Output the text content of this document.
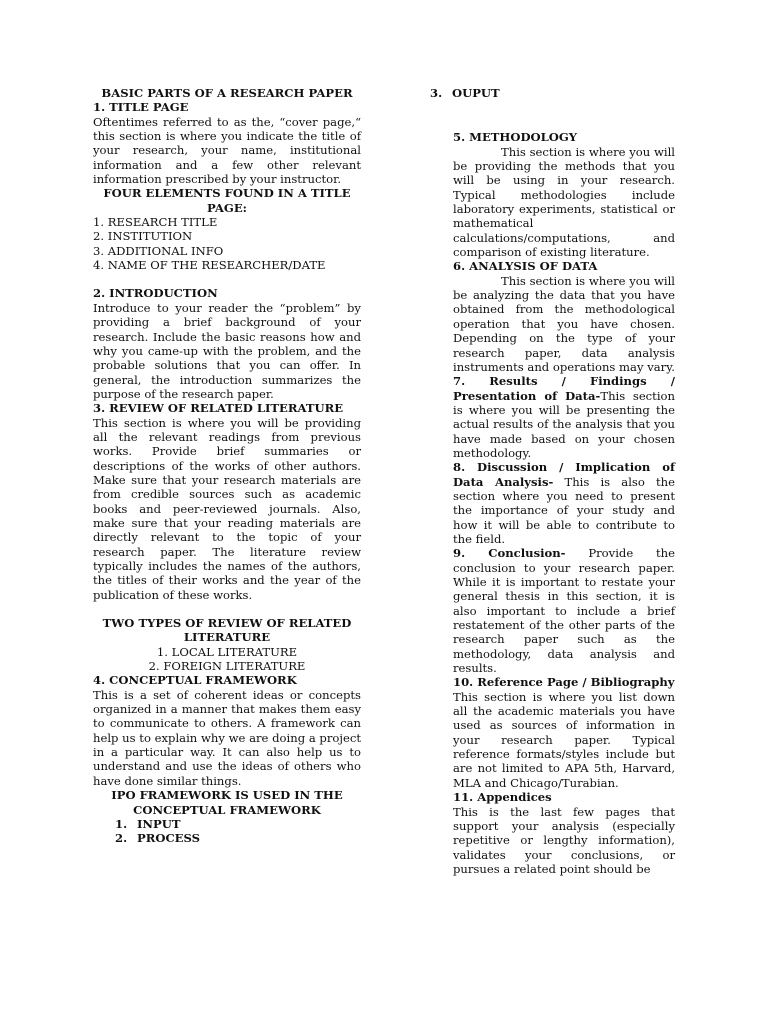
BASIC PARTS OF A RESEARCH PAPER

1. TITLE PAGE

Oftentimes referred to as the, “cover page,“ this section is where you indicate the title of your research, your name, institutional information and a few other relevant information prescribed by your instructor.

FOUR ELEMENTS FOUND IN A TITLE PAGE:

1. RESEARCH TITLE

2. INSTITUTION

3. ADDITIONAL INFO

4. NAME OF THE RESEARCHER/DATE

2. INTRODUCTION

Introduce to your reader the “problem” by providing a brief background of your research. Include the basic reasons how and why you came-up with the problem, and the probable solutions that you can offer. In general, the introduction summarizes the purpose of the research paper.

3. REVIEW OF RELATED LITERATURE

This section is where you will be providing all the relevant readings from previous works. Provide brief summaries or descriptions of the works of other authors. Make sure that your research materials are from credible sources such as academic books and peer-reviewed journals. Also, make sure that your reading materials are directly relevant to the topic of your research paper. The literature review typically includes the names of the authors, the titles of their works and the year of the publication of these works.

TWO TYPES OF REVIEW OF RELATED LITERATURE

1. LOCAL LITERATURE

2. FOREIGN LITERATURE

4. CONCEPTUAL FRAMEWORK

This is a set of coherent ideas or concepts organized in a manner that makes them easy to communicate to others. A framework can help us to explain why we are doing a project in a particular way. It can also help us to understand and use the ideas of others who have done similar things.

IPO FRAMEWORK IS USED IN THE CONCEPTUAL FRAMEWORK

1. INPUT

2. PROCESS

3. OUPUT

5. METHODOLOGY

This section is where you will be providing the methods that you will be using in your research. Typical methodologies include laboratory experiments, statistical or mathematical calculations/computations, and comparison of existing literature.

6. ANALYSIS OF DATA

This section is where you will be analyzing the data that you have obtained from the methodological operation that you have chosen. Depending on the type of your research paper, data analysis instruments and operations may vary.

7. Results / Findings / Presentation of Data-This section is where you will be presenting the actual results of the analysis that you have made based on your chosen methodology.

8. Discussion / Implication of Data Analysis- This is also the section where you need to present the importance of your study and how it will be able to contribute to the field.

9. Conclusion- Provide the conclusion to your research paper. While it is important to restate your general thesis in this section, it is also important to include a brief restatement of the other parts of the research paper such as the methodology, data analysis and results.

10. Reference Page / Bibliography

This section is where you list down all the academic materials you have used as sources of information in your research paper. Typical reference formats/styles include but are not limited to APA 5th, Harvard, MLA and Chicago/Turabian.

11. Appendices

This is the last few pages that support your analysis (especially repetitive or lengthy information), validates your conclusions, or pursues a related point should be
